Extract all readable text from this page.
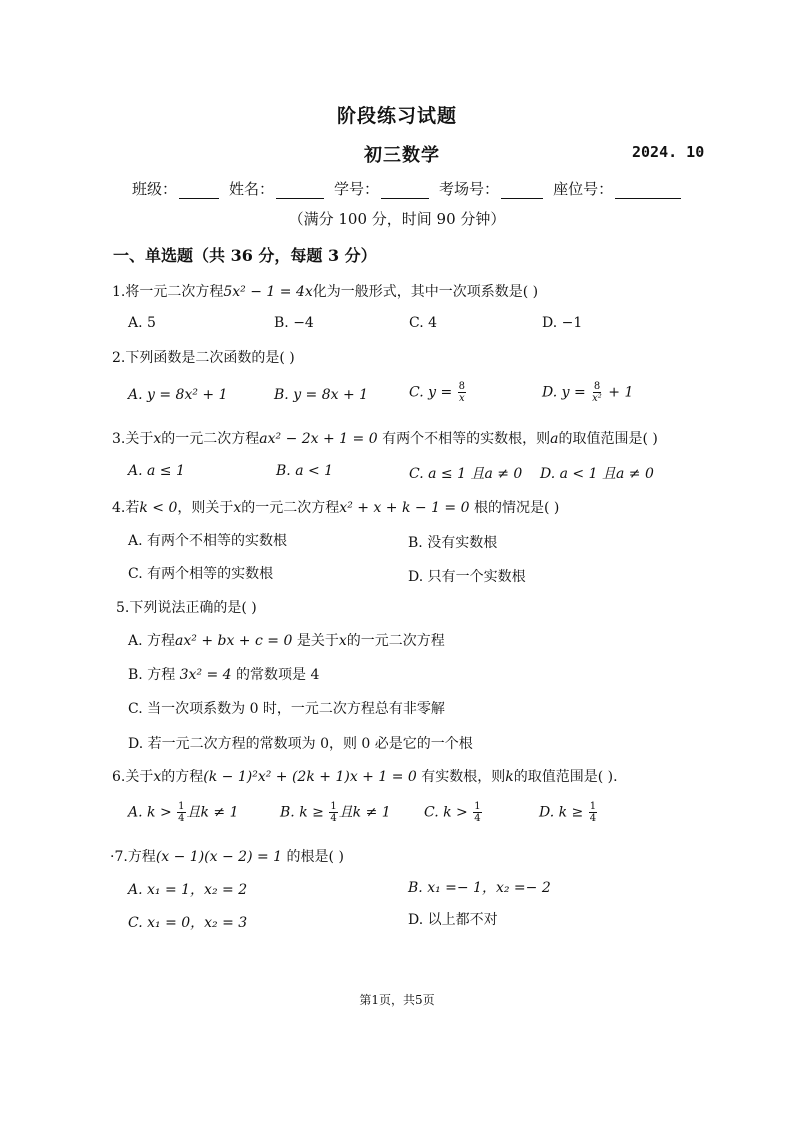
阶段练习试题
初三数学	2024. 10
班级：	姓名：	学号：	考场号：	座位号：
（满分 100 分，时间 90 分钟）
一、单选题（共 36 分，每题 3 分）
1.将一元二次方程5x² − 1 = 4x化为一般形式，其中一次项系数是( )
A. 5	B. −4	C. 4	D. −1
2.下列函数是二次函数的是( )
A. y = 8x² + 1	B. y = 8x + 1	C. $y = \frac{8}{x}$	D. $y = \frac{8}{\text{x²}} + 1$
3.关于x的一元二次方程ax² − 2x + 1 = 0 有两个不相等的实数根，则a的取值范围是( )
A. a ≤ 1	B. a < 1	C. a ≤ 1 且a ≠ 0 D. a < 1 且a ≠ 0
4.若k < 0，则关于x的一元二次方程x² + x + k − 1 = 0 根的情况是( )
A. 有两个不相等的实数根	B. 没有实数根
C. 有两个相等的实数根	D. 只有一个实数根
5.下列说法正确的是( )
A. 方程ax² + bx + c = 0 是关于x的一元二次方程
B. 方程 3x² = 4 的常数项是 4
C. 当一次项系数为 0 时，一元二次方程总有非零解
D. 若一元二次方程的常数项为 0，则 0 必是它的一个根
6.关于x的方程(k − 1)²x² + (2k + 1)x + 1 = 0 有实数根，则k的取值范围是( ).
A. $k > \frac{1}{4}$ 且k ≠ 1	B. $k \ge \frac{1}{4}$ 且k ≠ 1 C. $k > \frac{1}{4}$	D. $k \ge \frac{1}{4}$
·7.方程(x − 1)(x − 2) = 1 的根是( )
A. x₁ = 1，x₂ = 2	B. x₁ =− 1，x₂ =− 2
C. x₁ = 0，x₂ = 3	D. 以上都不对
第1页，共5页
